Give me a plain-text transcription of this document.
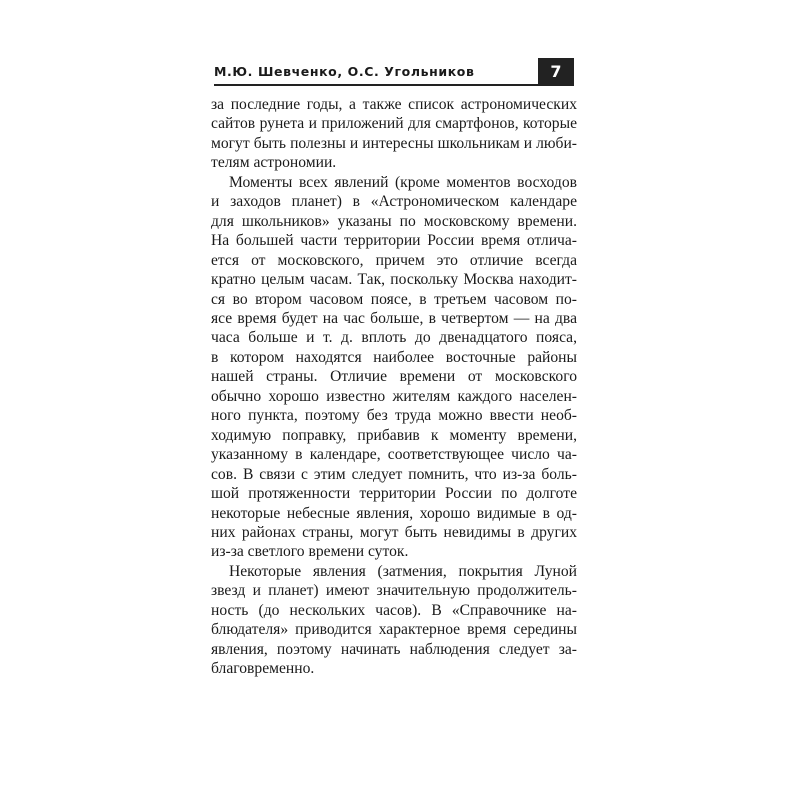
М.Ю. Шевченко, О.С. Угольников	7
за последние годы, а также список астрономических
сайтов рунета и приложений для смартфонов, которые
могут быть полезны и интересны школьникам и люби-
телям астрономии.
Моменты всех явлений (кроме моментов восходов
и заходов планет) в «Астрономическом календаре
для школьников» указаны по московскому времени.
На большей части территории России время отлича-
ется от московского, причем это отличие всегда
кратно целым часам. Так, поскольку Москва находит-
ся во втором часовом поясе, в третьем часовом по-
ясе время будет на час больше, в четвертом — на два
часа больше и т. д. вплоть до двенадцатого пояса,
в котором находятся наиболее восточные районы
нашей страны. Отличие времени от московского
обычно хорошо известно жителям каждого населен-
ного пункта, поэтому без труда можно ввести необ-
ходимую поправку, прибавив к моменту времени,
указанному в календаре, соответствующее число ча-
сов. В связи с этим следует помнить, что из-за боль-
шой протяженности территории России по долготе
некоторые небесные явления, хорошо видимые в од-
них районах страны, могут быть невидимы в других
из-за светлого времени суток.
Некоторые явления (затмения, покрытия Луной
звезд и планет) имеют значительную продолжитель-
ность (до нескольких часов). В «Справочнике на-
блюдателя» приводится характерное время середины
явления, поэтому начинать наблюдения следует за-
благовременно.
